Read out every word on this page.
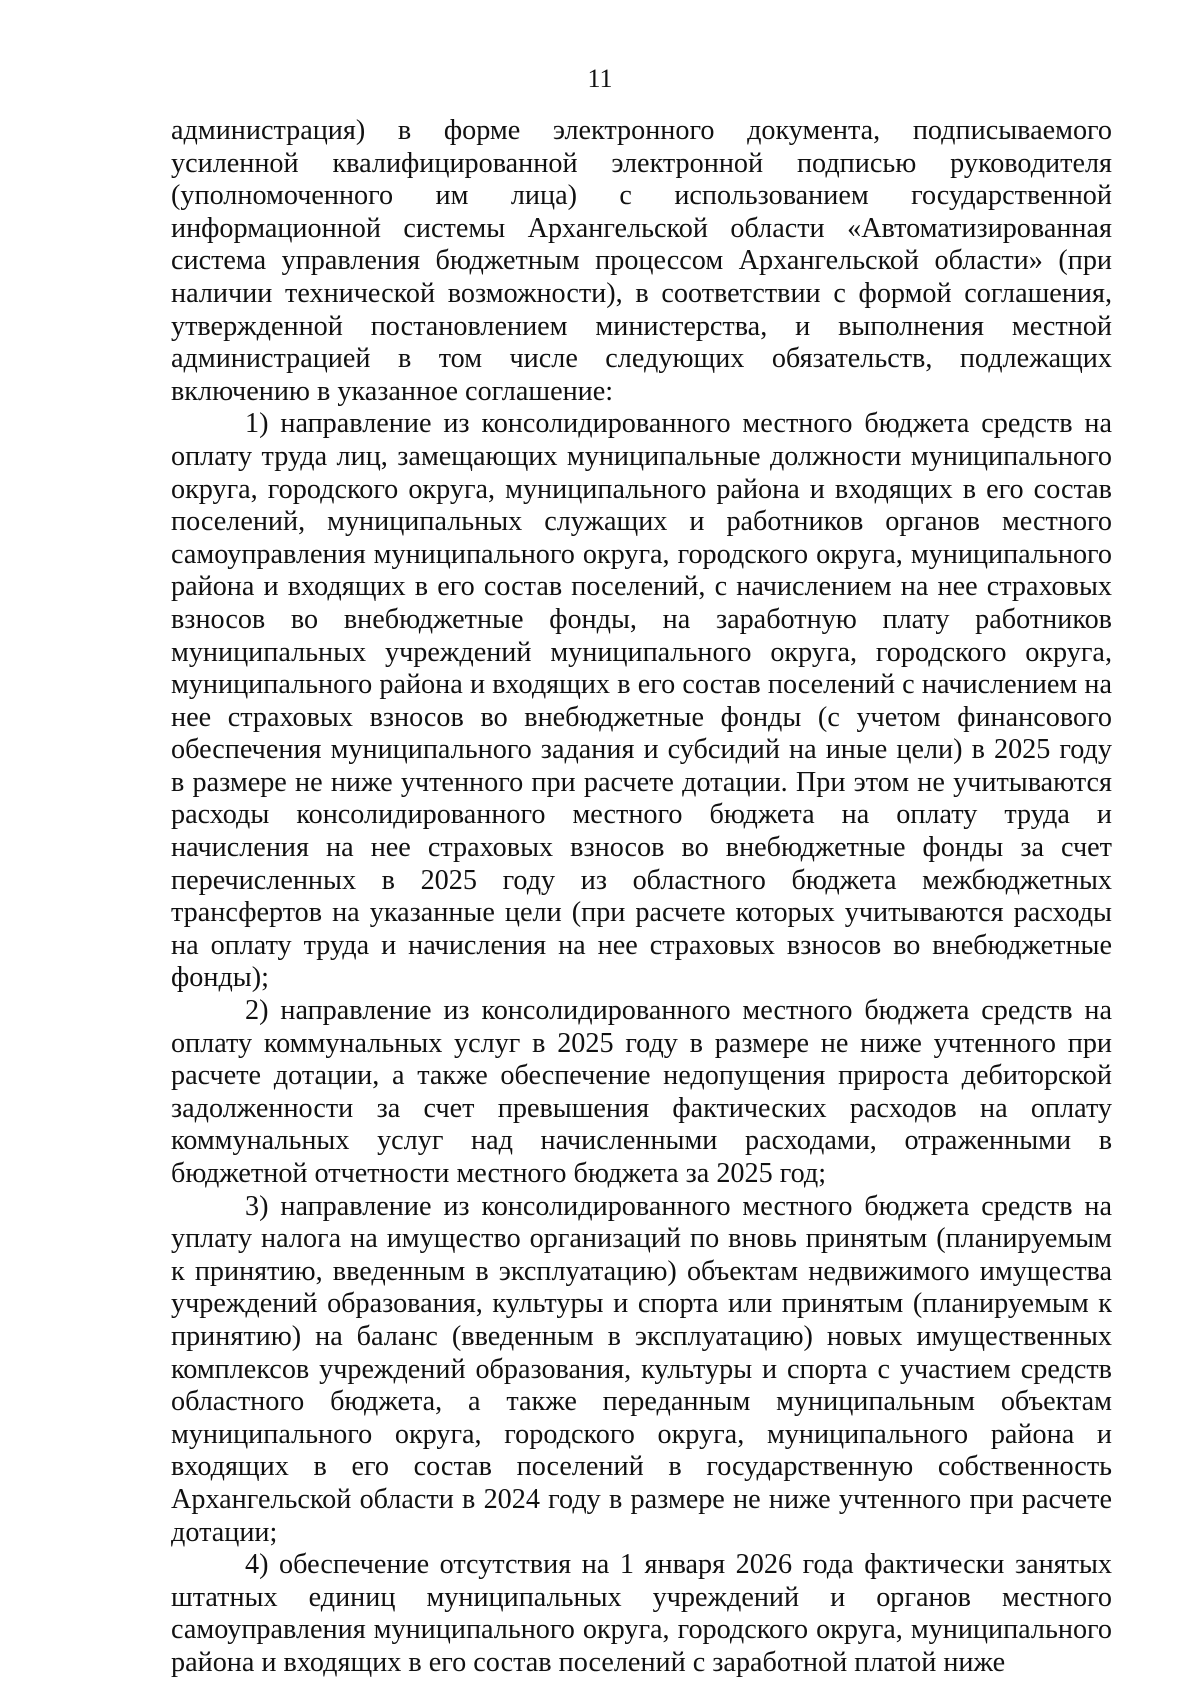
11

администрация) в форме электронного документа, подписываемого усиленной квалифицированной электронной подписью руководителя (уполномоченного им лица) с использованием государственной информационной системы Архангельской области «Автоматизированная система управления бюджетным процессом Архангельской области» (при наличии технической возможности), в соответствии с формой соглашения, утвержденной постановлением министерства, и выполнения местной администрацией в том числе следующих обязательств, подлежащих включению в указанное соглашение:

1) направление из консолидированного местного бюджета средств на оплату труда лиц, замещающих муниципальные должности муниципального округа, городского округа, муниципального района и входящих в его состав поселений, муниципальных служащих и работников органов местного самоуправления муниципального округа, городского округа, муниципального района и входящих в его состав поселений, с начислением на нее страховых взносов во внебюджетные фонды, на заработную плату работников муниципальных учреждений муниципального округа, городского округа, муниципального района и входящих в его состав поселений с начислением на нее страховых взносов во внебюджетные фонды (с учетом финансового обеспечения муниципального задания и субсидий на иные цели) в 2025 году в размере не ниже учтенного при расчете дотации. При этом не учитываются расходы консолидированного местного бюджета на оплату труда и начисления на нее страховых взносов во внебюджетные фонды за счет перечисленных в 2025 году из областного бюджета межбюджетных трансфертов на указанные цели (при расчете которых учитываются расходы на оплату труда и начисления на нее страховых взносов во внебюджетные фонды);

2) направление из консолидированного местного бюджета средств на оплату коммунальных услуг в 2025 году в размере не ниже учтенного при расчете дотации, а также обеспечение недопущения прироста дебиторской задолженности за счет превышения фактических расходов на оплату коммунальных услуг над начисленными расходами, отраженными в бюджетной отчетности местного бюджета за 2025 год;

3) направление из консолидированного местного бюджета средств на уплату налога на имущество организаций по вновь принятым (планируемым к принятию, введенным в эксплуатацию) объектам недвижимого имущества учреждений образования, культуры и спорта или принятым (планируемым к принятию) на баланс (введенным в эксплуатацию) новых имущественных комплексов учреждений образования, культуры и спорта с участием средств областного бюджета, а также переданным муниципальным объектам муниципального округа, городского округа, муниципального района и входящих в его состав поселений в государственную собственность Архангельской области в 2024 году в размере не ниже учтенного при расчете дотации;

4) обеспечение отсутствия на 1 января 2026 года фактически занятых штатных единиц муниципальных учреждений и органов местного самоуправления муниципального округа, городского округа, муниципального района и входящих в его состав поселений с заработной платой ниже
